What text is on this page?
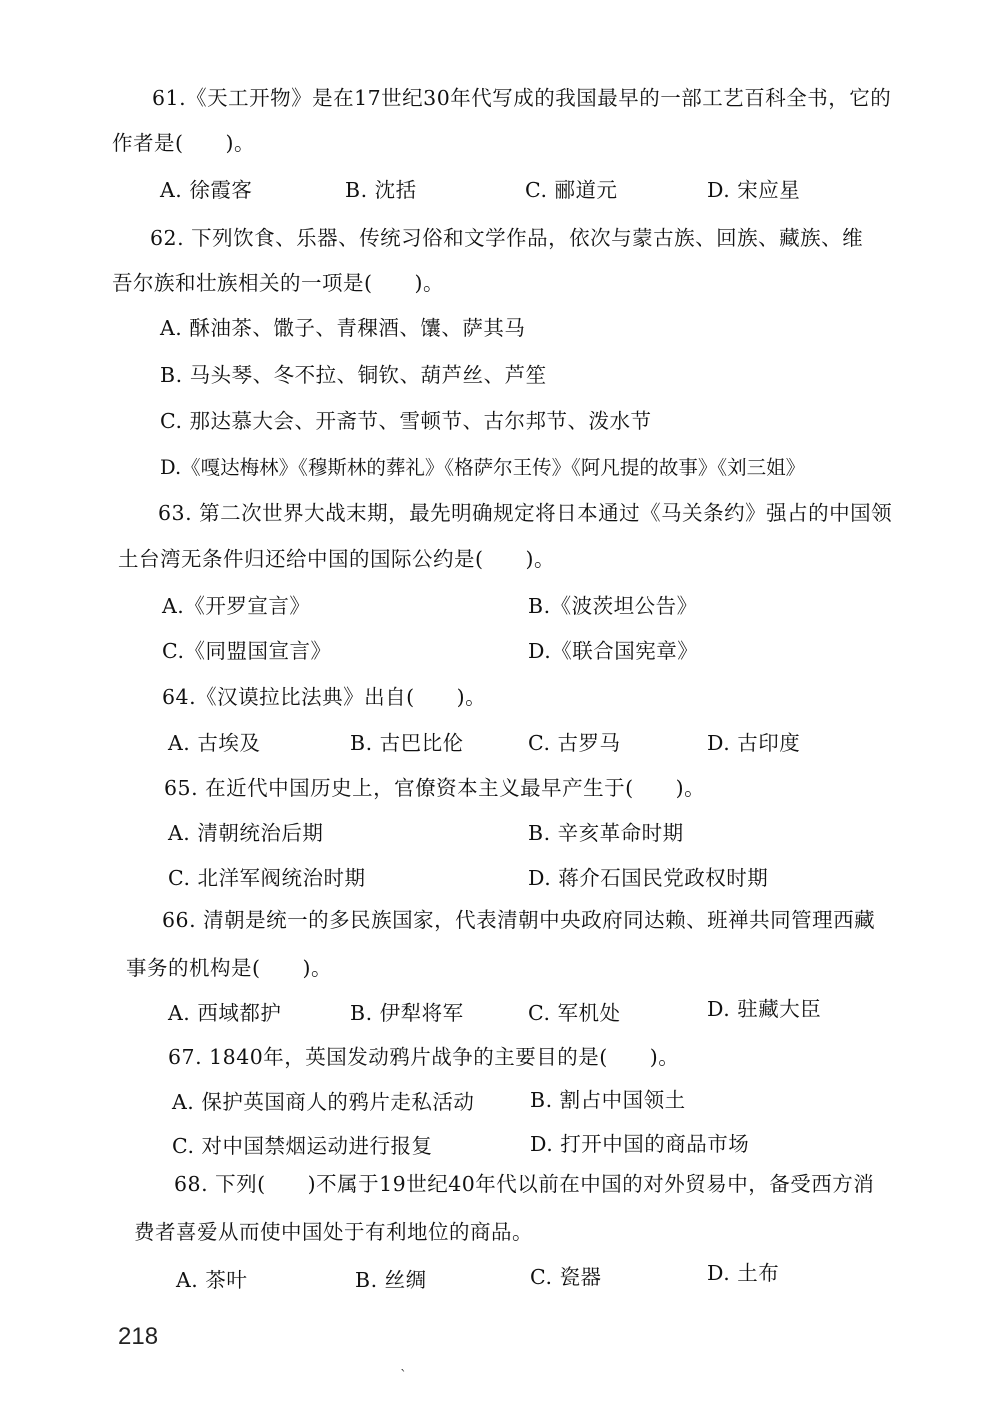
61.《天工开物》是在17世纪30年代写成的我国最早的一部工艺百科全书，它的
作者是(　　)。
A. 徐霞客	B. 沈括	C. 郦道元	D. 宋应星
62. 下列饮食、乐器、传统习俗和文学作品，依次与蒙古族、回族、藏族、维
吾尔族和壮族相关的一项是(　　)。
A. 酥油茶、馓子、青稞酒、馕、萨其马
B. 马头琴、冬不拉、铜钦、葫芦丝、芦笙
C. 那达慕大会、开斋节、雪顿节、古尔邦节、泼水节
D.《嘎达梅林》《穆斯林的葬礼》《格萨尔王传》《阿凡提的故事》《刘三姐》
63. 第二次世界大战末期，最先明确规定将日本通过《马关条约》强占的中国领
土台湾无条件归还给中国的国际公约是(　　)。
A.《开罗宣言》	B.《波茨坦公告》
C.《同盟国宣言》	D.《联合国宪章》
64.《汉谟拉比法典》出自(　　)。
A. 古埃及	B. 古巴比伦	C. 古罗马	D. 古印度
65. 在近代中国历史上，官僚资本主义最早产生于(　　)。
A. 清朝统治后期	B. 辛亥革命时期
C. 北洋军阀统治时期	D. 蒋介石国民党政权时期
66. 清朝是统一的多民族国家，代表清朝中央政府同达赖、班禅共同管理西藏
事务的机构是(　　)。
A. 西域都护	B. 伊犁将军	C. 军机处	D. 驻藏大臣
67. 1840年，英国发动鸦片战争的主要目的是(　　)。
A. 保护英国商人的鸦片走私活动	B. 割占中国领土
C. 对中国禁烟运动进行报复	D. 打开中国的商品市场
68. 下列(　　)不属于19世纪40年代以前在中国的对外贸易中，备受西方消
费者喜爱从而使中国处于有利地位的商品。
A. 茶叶	B. 丝绸	C. 瓷器	D. 土布
218
ˋ
